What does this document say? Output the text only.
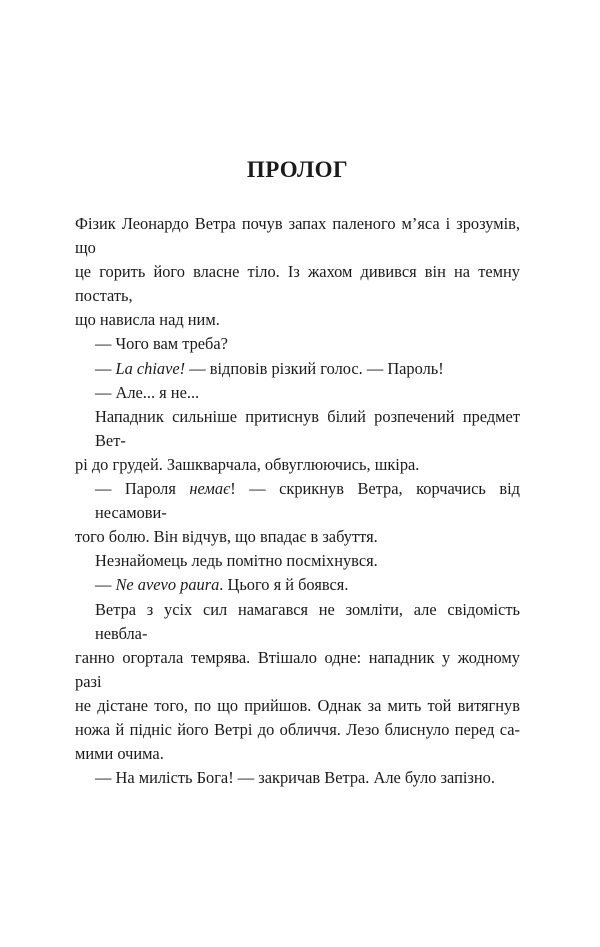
ПРОЛОГ
Фізик Леонардо Ветра почув запах паленого м’яса і зрозумів, що
це горить його власне тіло. Із жахом дивився він на темну постать,
що нависла над ним.
— Чого вам треба?
— La chiave! — відповів різкий голос. — Пароль!
— Але... я не...
Нападник сильніше притиснув білий розпечений предмет Вет-
рі до грудей. Зашкварчала, обвуглюючись, шкіра.
— Пароля немає! — скрикнув Ветра, корчачись від несамови-
того болю. Він відчув, що впадає в забуття.
Незнайомець ледь помітно посміхнувся.
— Ne avevo paura. Цього я й боявся.
Ветра з усіх сил намагався не зомліти, але свідомість невбла-
ганно огортала темрява. Втішало одне: нападник у жодному разі
не дістане того, по що прийшов. Однак за мить той витягнув
ножа й підніс його Ветрі до обличчя. Лезо блиснуло перед са-
мими очима.
— На милість Бога! — закричав Ветра. Але було запізно.
